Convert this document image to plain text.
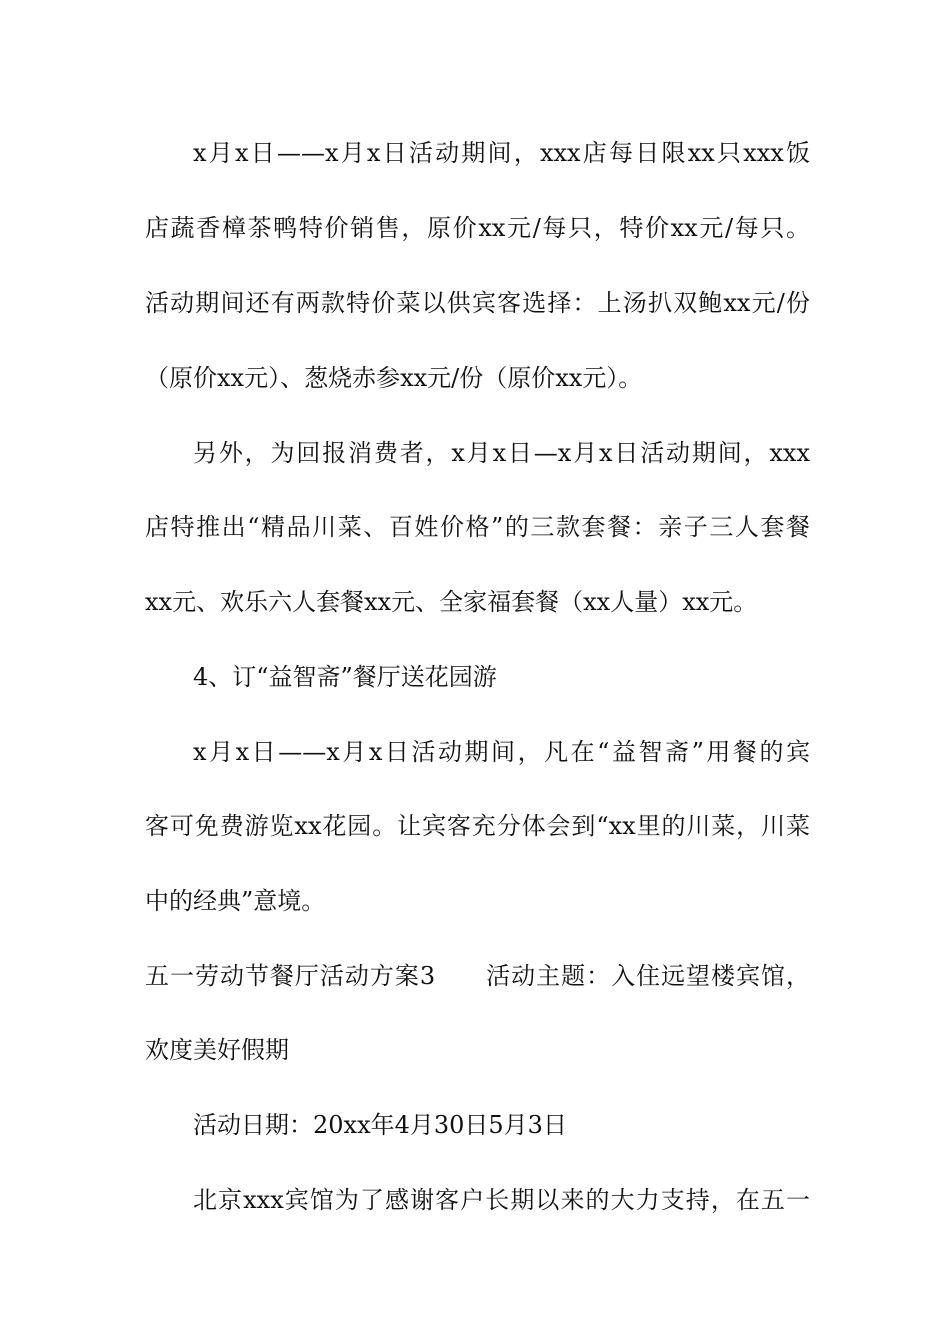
x月x日——x月x日活动期间，xxx店每日限xx只xxx饭
店蔬香樟茶鸭特价销售，原价xx元/每只，特价xx元/每只。
活动期间还有两款特价菜以供宾客选择：上汤扒双鲍xx元/份
（原价xx元）、葱烧赤参xx元/份（原价xx元）。
另外，为回报消费者，x月x日—x月x日活动期间，xxx
店特推出“精品川菜、百姓价格”的三款套餐：亲子三人套餐
xx元、欢乐六人套餐xx元、全家福套餐（xx人量）xx元。
4、订“益智斋”餐厅送花园游
x月x日——x月x日活动期间，凡在“益智斋”用餐的宾
客可免费游览xx花园。让宾客充分体会到“xx里的川菜，川菜
中的经典”意境。
五一劳动节餐厅活动方案3　　活动主题：入住远望楼宾馆，
欢度美好假期
活动日期：20xx年4月30日5月3日
北京xxx宾馆为了感谢客户长期以来的大力支持，在五一
